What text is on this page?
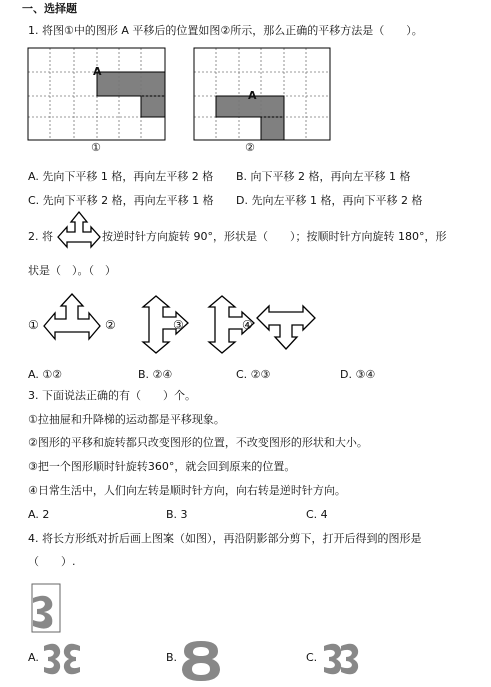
一、选择题
1. 将图①中的图形 A 平移后的位置如图②所示，那么正确的平移方法是（　　）。
A
A
①	②
A. 先向下平移 1 格，再向左平移 2 格 B. 向下平移 2 格，再向左平移 1 格
C. 先向下平移 2 格，再向左平移 1 格 D. 先向左平移 1 格，再向下平移 2 格
2. 将	按逆时针方向旋转 90°，形状是（　　）；按顺时针方向旋转 180°，形
状是（　）。（　）
①	②	③	④
A. ①②	B. ②④	C. ②③	D. ③④
3. 下面说法正确的有（　　）个。
①拉抽屉和升降梯的运动都是平移现象。
②图形的平移和旋转都只改变图形的位置，不改变图形的形状和大小。
③把一个图形顺时针旋转360°，就会回到原来的位置。
④日常生活中，人们向左转是顺时针方向，向右转是逆时针方向。
A. 2	B. 3	C. 4
4. 将长方形纸对折后画上图案（如图），再沿阴影部分剪下，打开后得到的图形是
（　　）.
A.	B.	C.
